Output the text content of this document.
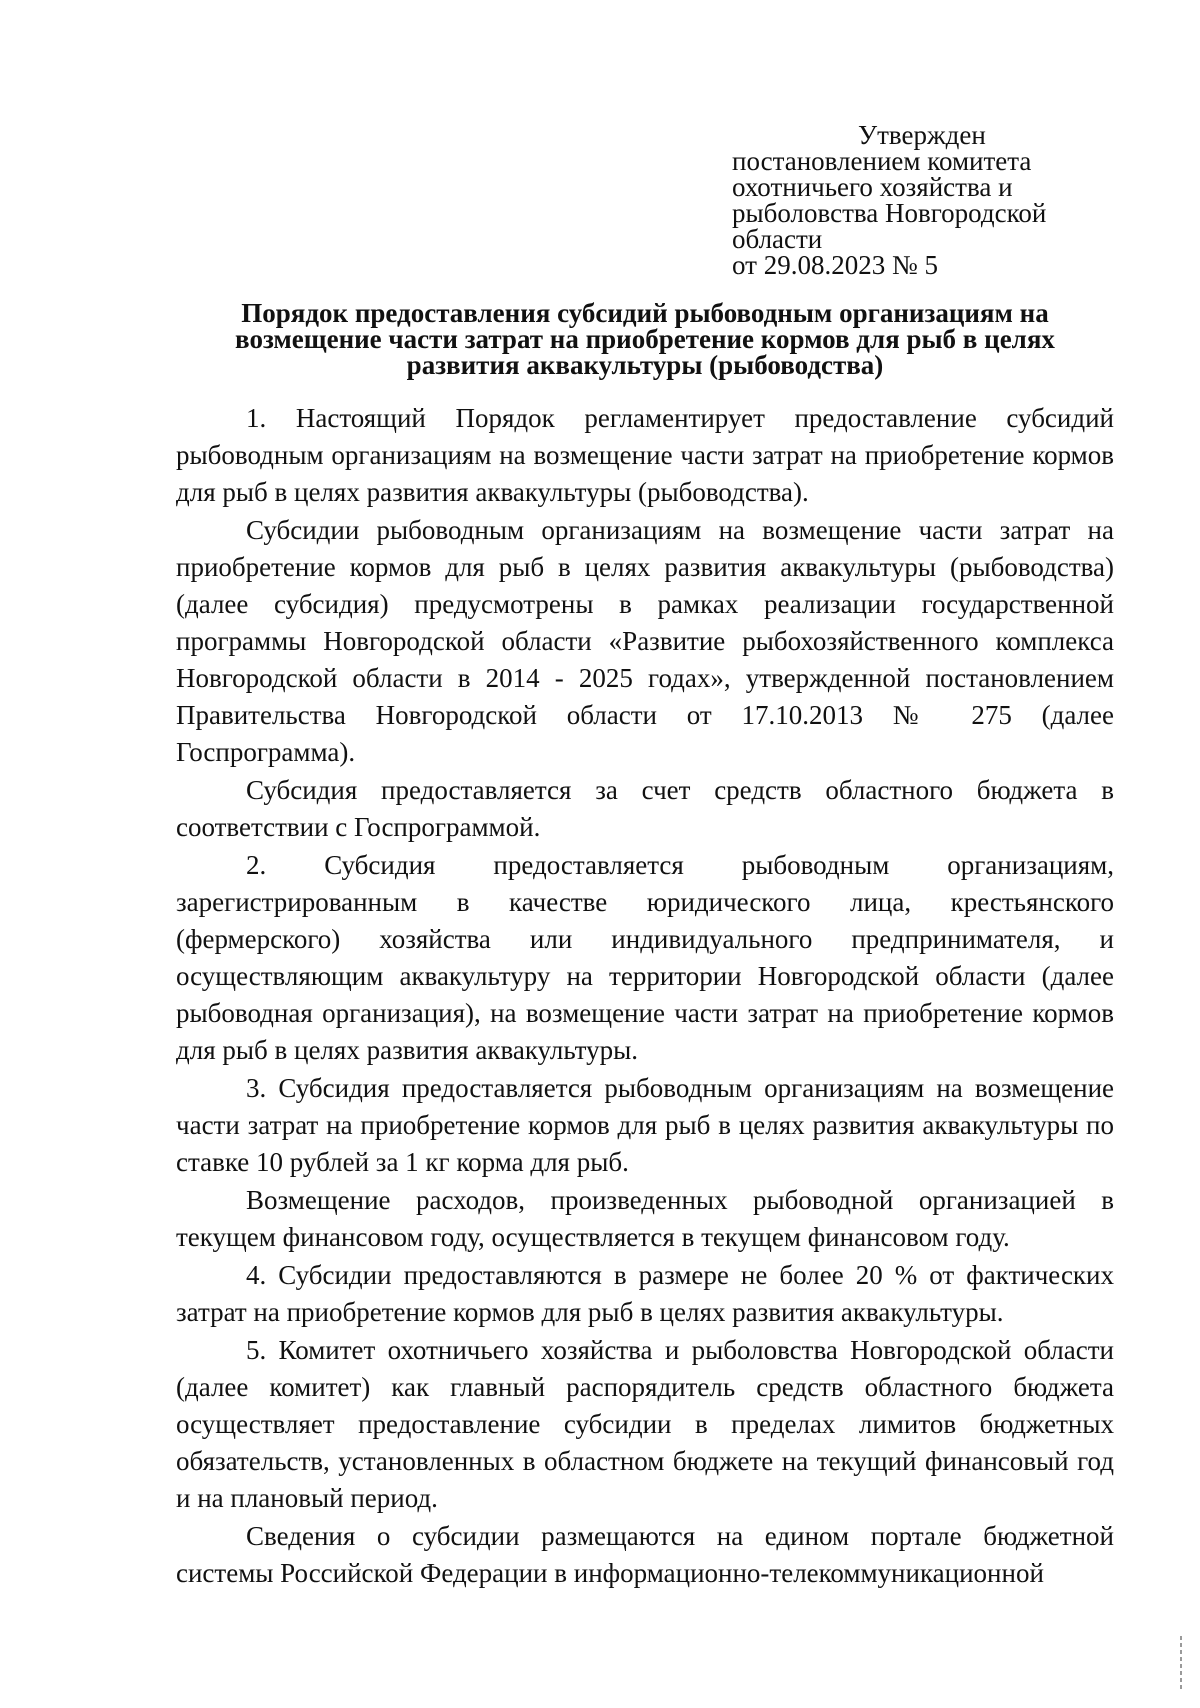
Утвержден
постановлением комитета
охотничьего хозяйства и
рыболовства Новгородской
области
от 29.08.2023 № 5
Порядок предоставления субсидий рыбоводным организациям на
возмещение части затрат на приобретение кормов для рыб в целях
развития аквакультуры (рыбоводства)

1. Настоящий Порядок регламентирует предоставление субсидий рыбоводным организациям на возмещение части затрат на приобретение кормов для рыб в целях развития аквакультуры (рыбоводства).

Субсидии рыбоводным организациям на возмещение части затрат на приобретение кормов для рыб в целях развития аквакультуры (рыбоводства) (далее субсидия) предусмотрены в рамках реализации государственной программы Новгородской области «Развитие рыбохозяйственного комплекса Новгородской области в 2014 - 2025 годах», утвержденной постановлением Правительства Новгородской области от 17.10.2013 № 275 (далее Госпрограмма).

Субсидия предоставляется за счет средств областного бюджета в соответствии с Госпрограммой.

2. Субсидия предоставляется рыбоводным организациям, зарегистрированным в качестве юридического лица, крестьянского (фермерского) хозяйства или индивидуального предпринимателя, и осуществляющим аквакультуру на территории Новгородской области (далее рыбоводная организация), на возмещение части затрат на приобретение кормов для рыб в целях развития аквакультуры.

3. Субсидия предоставляется рыбоводным организациям на возмещение части затрат на приобретение кормов для рыб в целях развития аквакультуры по ставке 10 рублей за 1 кг корма для рыб.

Возмещение расходов, произведенных рыбоводной организацией в текущем финансовом году, осуществляется в текущем финансовом году.

4. Субсидии предоставляются в размере не более 20 % от фактических затрат на приобретение кормов для рыб в целях развития аквакультуры.

5. Комитет охотничьего хозяйства и рыболовства Новгородской области (далее комитет) как главный распорядитель средств областного бюджета осуществляет предоставление субсидии в пределах лимитов бюджетных обязательств, установленных в областном бюджете на текущий финансовый год и на плановый период.

Сведения о субсидии размещаются на едином портале бюджетной системы Российской Федерации в информационно-телекоммуникационной
